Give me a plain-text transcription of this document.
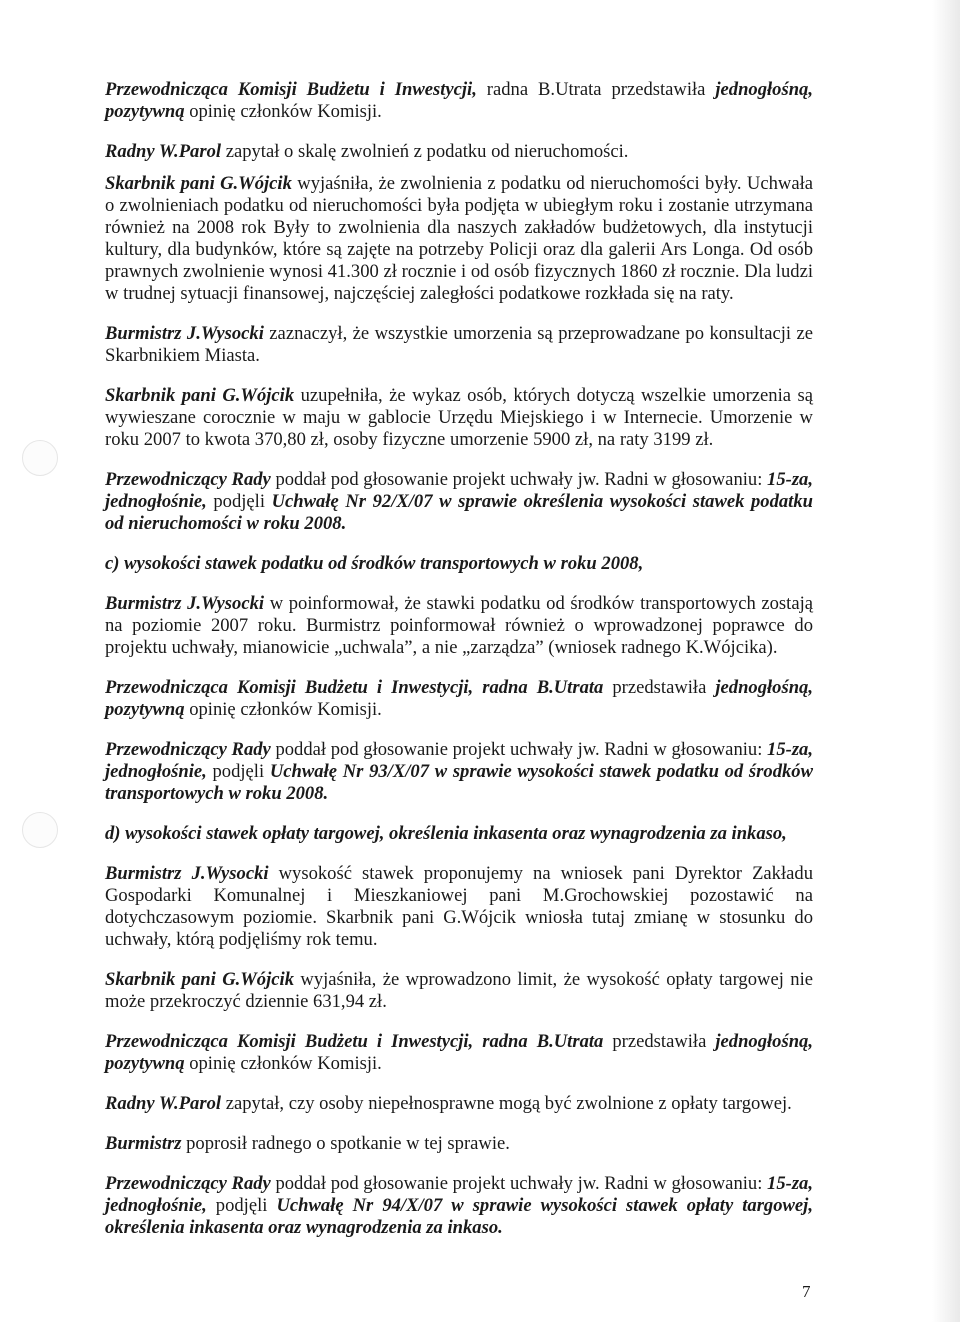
Przewodnicząca Komisji Budżetu i Inwestycji, radna B.Utrata przedstawiła jednogłośną, pozytywną opinię członków Komisji.

Radny W.Parol zapytał o skalę zwolnień z podatku od nieruchomości.

Skarbnik pani G.Wójcik wyjaśniła, że zwolnienia z podatku od nieruchomości były. Uchwała o zwolnieniach podatku od nieruchomości była podjęta w ubiegłym roku i zostanie utrzymana również na 2008 rok Były to zwolnienia dla naszych zakładów budżetowych, dla instytucji kultury, dla budynków, które są zajęte na potrzeby Policji oraz dla galerii Ars Longa. Od osób prawnych zwolnienie wynosi 41.300 zł rocznie i od osób fizycznych 1860 zł rocznie. Dla ludzi w trudnej sytuacji finansowej, najczęściej zaległości podatkowe rozkłada się na raty.

Burmistrz J.Wysocki zaznaczył, że wszystkie umorzenia są przeprowadzane po konsultacji ze Skarbnikiem Miasta.

Skarbnik pani G.Wójcik uzupełniła, że wykaz osób, których dotyczą wszelkie umorzenia są wywieszane corocznie w maju w gablocie Urzędu Miejskiego i w Internecie. Umorzenie w roku 2007 to kwota 370,80 zł, osoby fizyczne umorzenie 5900 zł, na raty 3199 zł.

Przewodniczący Rady poddał pod głosowanie projekt uchwały jw. Radni w głosowaniu: 15-za, jednogłośnie, podjęli Uchwałę Nr 92/X/07 w sprawie określenia wysokości stawek podatku od nieruchomości w roku 2008.

c) wysokości stawek podatku od środków transportowych w roku 2008,

Burmistrz J.Wysocki w poinformował, że stawki podatku od środków transportowych zostają na poziomie 2007 roku. Burmistrz poinformował również o wprowadzonej poprawce do projektu uchwały, mianowicie „uchwala”, a nie „zarządza” (wniosek radnego K.Wójcika).

Przewodnicząca Komisji Budżetu i Inwestycji, radna B.Utrata przedstawiła jednogłośną, pozytywną opinię członków Komisji.

Przewodniczący Rady poddał pod głosowanie projekt uchwały jw. Radni w głosowaniu: 15-za, jednogłośnie, podjęli Uchwałę Nr 93/X/07 w sprawie wysokości stawek podatku od środków transportowych w roku 2008.

d) wysokości stawek opłaty targowej, określenia inkasenta oraz wynagrodzenia za inkaso,

Burmistrz J.Wysocki wysokość stawek proponujemy na wniosek pani Dyrektor Zakładu Gospodarki Komunalnej i Mieszkaniowej pani M.Grochowskiej pozostawić na dotychczasowym poziomie. Skarbnik pani G.Wójcik wniosła tutaj zmianę w stosunku do uchwały, którą podjęliśmy rok temu.

Skarbnik pani G.Wójcik wyjaśniła, że wprowadzono limit, że wysokość opłaty targowej nie może przekroczyć dziennie 631,94 zł.

Przewodnicząca Komisji Budżetu i Inwestycji, radna B.Utrata przedstawiła jednogłośną, pozytywną opinię członków Komisji.

Radny W.Parol zapytał, czy osoby niepełnosprawne mogą być zwolnione z opłaty targowej.

Burmistrz poprosił radnego o spotkanie w tej sprawie.

Przewodniczący Rady poddał pod głosowanie projekt uchwały jw. Radni w głosowaniu: 15-za, jednogłośnie, podjęli Uchwałę Nr 94/X/07 w sprawie wysokości stawek opłaty targowej, określenia inkasenta oraz wynagrodzenia za inkaso.

7
